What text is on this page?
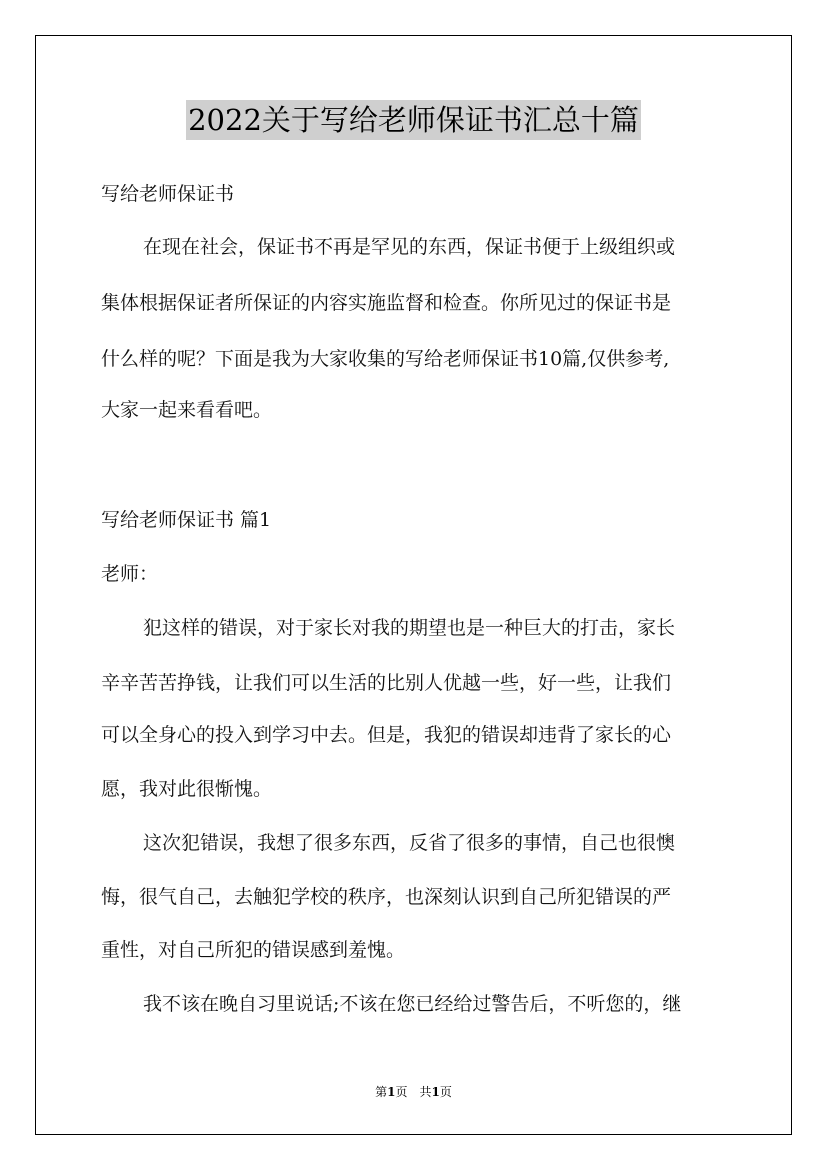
2022关于写给老师保证书汇总十篇
写给老师保证书
在现在社会，保证书不再是罕见的东西，保证书便于上级组织或
集体根据保证者所保证的内容实施监督和检查。你所见过的保证书是
什么样的呢？下面是我为大家收集的写给老师保证书10篇,仅供参考,
大家一起来看看吧。
写给老师保证书 篇1
老师：
犯这样的错误，对于家长对我的期望也是一种巨大的打击，家长
辛辛苦苦挣钱，让我们可以生活的比别人优越一些，好一些，让我们
可以全身心的投入到学习中去。但是，我犯的错误却违背了家长的心
愿，我对此很惭愧。
这次犯错误，我想了很多东西，反省了很多的事情，自己也很懊
悔，很气自己，去触犯学校的秩序，也深刻认识到自己所犯错误的严
重性，对自己所犯的错误感到羞愧。
我不该在晚自习里说话;不该在您已经给过警告后，不听您的，继
第1页　共1页
